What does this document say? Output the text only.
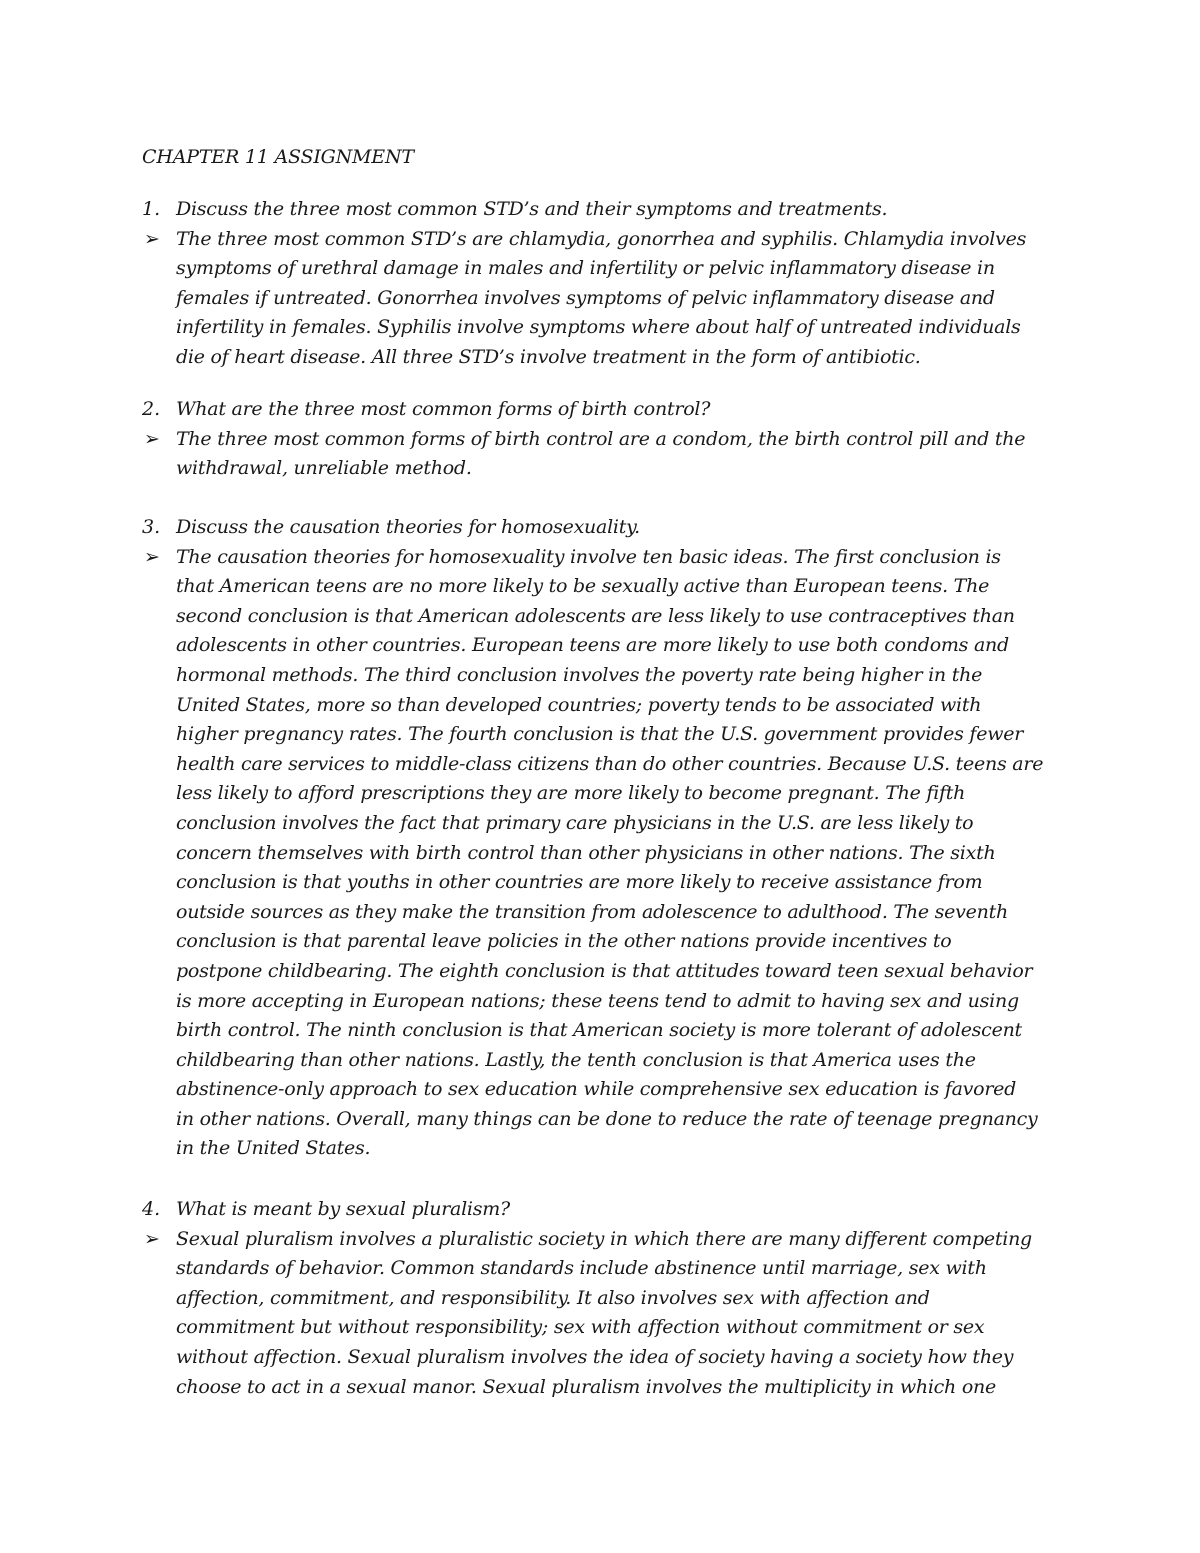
CHAPTER 11 ASSIGNMENT
1. Discuss the three most common STD’s and their symptoms and treatments.
➢ The three most common STD’s are chlamydia, gonorrhea and syphilis. Chlamydia involves
symptoms of urethral damage in males and infertility or pelvic inflammatory disease in
females if untreated. Gonorrhea involves symptoms of pelvic inflammatory disease and
infertility in females. Syphilis involve symptoms where about half of untreated individuals
die of heart disease. All three STD’s involve treatment in the form of antibiotic.
2. What are the three most common forms of birth control?
➢ The three most common forms of birth control are a condom, the birth control pill and the
withdrawal, unreliable method.
3. Discuss the causation theories for homosexuality.
➢ The causation theories for homosexuality involve ten basic ideas. The first conclusion is
that American teens are no more likely to be sexually active than European teens. The
second conclusion is that American adolescents are less likely to use contraceptives than
adolescents in other countries. European teens are more likely to use both condoms and
hormonal methods. The third conclusion involves the poverty rate being higher in the
United States, more so than developed countries; poverty tends to be associated with
higher pregnancy rates. The fourth conclusion is that the U.S. government provides fewer
health care services to middle-class citizens than do other countries. Because U.S. teens are
less likely to afford prescriptions they are more likely to become pregnant. The fifth
conclusion involves the fact that primary care physicians in the U.S. are less likely to
concern themselves with birth control than other physicians in other nations. The sixth
conclusion is that youths in other countries are more likely to receive assistance from
outside sources as they make the transition from adolescence to adulthood. The seventh
conclusion is that parental leave policies in the other nations provide incentives to
postpone childbearing. The eighth conclusion is that attitudes toward teen sexual behavior
is more accepting in European nations; these teens tend to admit to having sex and using
birth control. The ninth conclusion is that American society is more tolerant of adolescent
childbearing than other nations. Lastly, the tenth conclusion is that America uses the
abstinence-only approach to sex education while comprehensive sex education is favored
in other nations. Overall, many things can be done to reduce the rate of teenage pregnancy
in the United States.
4. What is meant by sexual pluralism?
➢ Sexual pluralism involves a pluralistic society in which there are many different competing
standards of behavior. Common standards include abstinence until marriage, sex with
affection, commitment, and responsibility. It also involves sex with affection and
commitment but without responsibility; sex with affection without commitment or sex
without affection. Sexual pluralism involves the idea of society having a society how they
choose to act in a sexual manor. Sexual pluralism involves the multiplicity in which one
